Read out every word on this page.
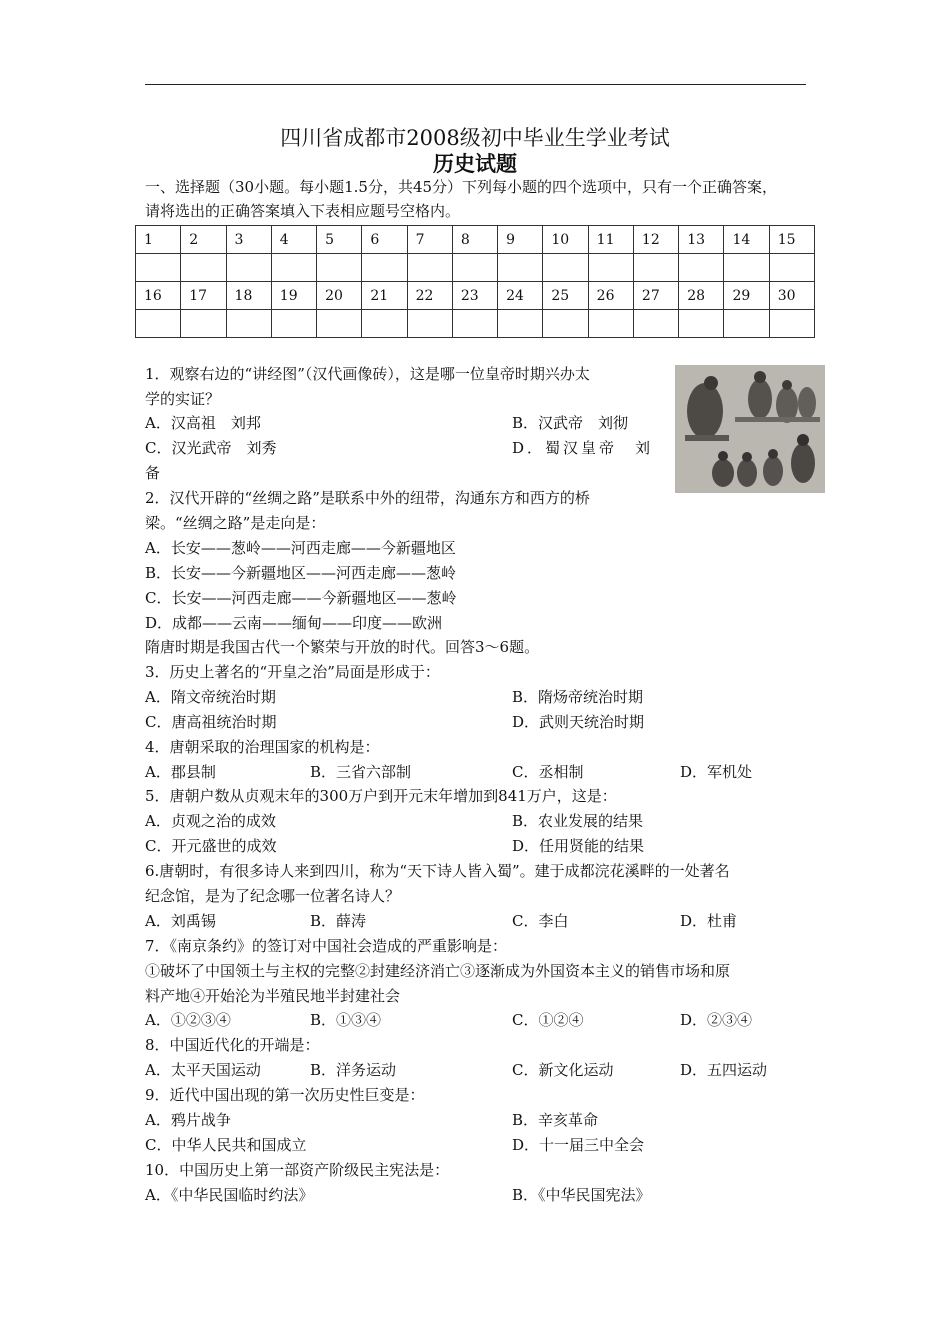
四川省成都市2008级初中毕业生学业考试
历史试题
一、选择题（30小题。每小题1.5分，共45分）下列每小题的四个选项中，只有一个正确答案，
请将选出的正确答案填入下表相应题号空格内。
1	2	3	4	5	6	7	8	9	10	11	12	13	14	15

16	17	18	19	20	21	22	23	24	25	26	27	28	29	30

1．观察右边的“讲经图”（汉代画像砖），这是哪一位皇帝时期兴办太
学的实证？
A．汉高祖　刘邦	B．汉武帝　刘彻
C．汉光武帝　刘秀	D．蜀汉皇帝　刘
备
2．汉代开辟的“丝绸之路”是联系中外的纽带，沟通东方和西方的桥
梁。“丝绸之路”是走向是：
A．长安——葱岭——河西走廊——今新疆地区
B．长安——今新疆地区——河西走廊——葱岭
C．长安——河西走廊——今新疆地区——葱岭
D．成都——云南——缅甸——印度——欧洲
隋唐时期是我国古代一个繁荣与开放的时代。回答3～6题。
3．历史上著名的“开皇之治”局面是形成于：
A．隋文帝统治时期	B．隋炀帝统治时期
C．唐高祖统治时期	D．武则天统治时期
4．唐朝采取的治理国家的机构是：
A．郡县制	B．三省六部制	C．丞相制	D．军机处
5．唐朝户数从贞观末年的300万户到开元末年增加到841万户，这是：
A．贞观之治的成效	B．农业发展的结果
C．开元盛世的成效	D．任用贤能的结果
6.唐朝时，有很多诗人来到四川，称为“天下诗人皆入蜀”。建于成都浣花溪畔的一处著名
纪念馆，是为了纪念哪一位著名诗人？
A．刘禹锡	B．薛涛	C．李白	D．杜甫
7．《南京条约》的签订对中国社会造成的严重影响是：
①破坏了中国领土与主权的完整②封建经济消亡③逐渐成为外国资本主义的销售市场和原
料产地④开始沦为半殖民地半封建社会
A．①②③④	B．①③④	C．①②④	D．②③④
8．中国近代化的开端是：
A．太平天国运动	B．洋务运动	C．新文化运动	D．五四运动
9．近代中国出现的第一次历史性巨变是：
A．鸦片战争	B．辛亥革命
C．中华人民共和国成立	D．十一届三中全会
10．中国历史上第一部资产阶级民主宪法是：
A．《中华民国临时约法》	B．《中华民国宪法》
